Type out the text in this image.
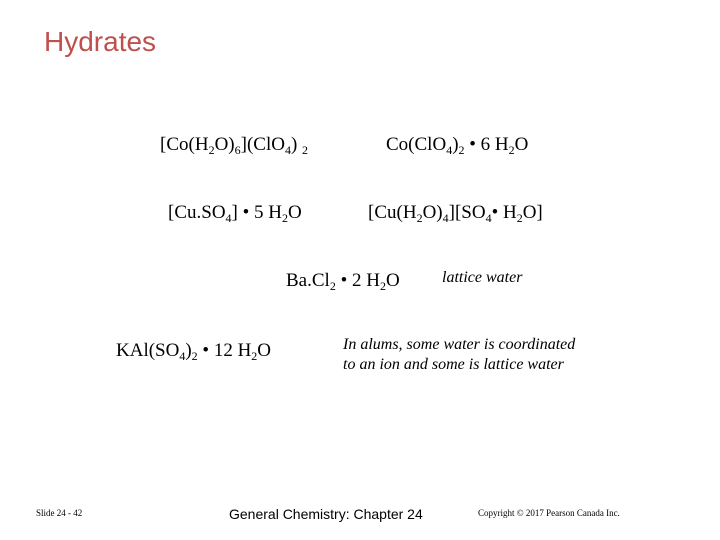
Hydrates
$[Co(H_2O)_6](ClO_4)$ $_2$	$Co(ClO_4)_2$ • 6 $H_2O$
$[Cu.SO_4]$ • 5 $H_2O$	$[Cu(H_2O)_4][SO_4•$ $H_2O$]
$Ba.Cl_2$ • 2 $H_2O$	lattice water
$KAl(SO_4)_2$ • 12 $H_2O$	In alums, some water is coordinated
to an ion and some is lattice water
Slide 24 - 42	General Chemistry: Chapter 24	Copyright © 2017 Pearson Canada Inc.
